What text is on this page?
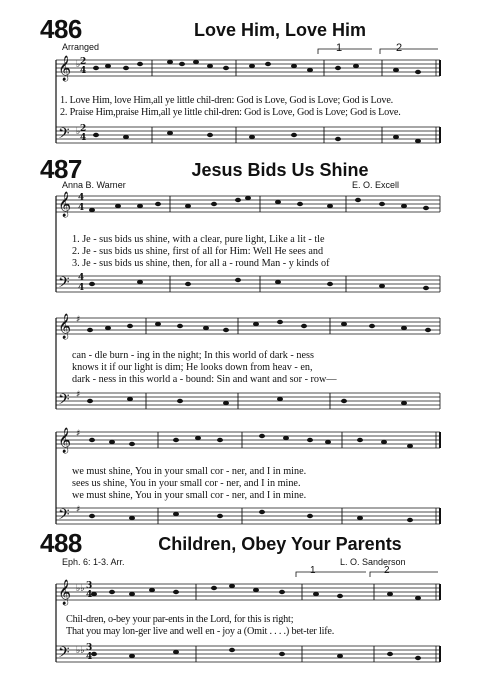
𝄞
𝄢
𝄞
𝄢
𝄞
𝄢
𝄞
𝄢
𝄞
𝄢
♭ 2
4
♭ 2
4
4
4
4
4
♯
♯
♯
♯
♭♭ 3
4
♭♭ 3
4
486	Love Him, Love Him
Arranged	1	2
1. Love Him, love Him,all ye little chil-dren: God is Love, God is Love; God is Love.
2. Praise Him,praise Him,all ye little chil-dren: God is Love, God is Love; God is Love.
487	Jesus Bids Us Shine
Anna B. Warner	E. O. Excell
1. Je - sus bids us shine, with a clear, pure light, Like a lit - tle
2. Je - sus bids us shine, first of all for Him: Well He sees and
3. Je - sus bids us shine, then, for all a - round Man - y kinds of
can - dle burn - ing in the night; In this world of dark - ness
knows it if our light is dim; He looks down from heav - en,
dark - ness in this world a - bound: Sin and want and sor - row—
we must shine, You in your small cor - ner, and I in mine.
sees us shine, You in your small cor - ner, and I in mine.
we must shine, You in your small cor - ner, and I in mine.
488	Children, Obey Your Parents
Eph. 6: 1-3. Arr.	L. O. Sanderson
1	2
Chil-dren, o-bey your par-ents in the Lord, for this is right;
That you may lon-ger live and well en - joy a (Omit . . . .) bet-ter life.
